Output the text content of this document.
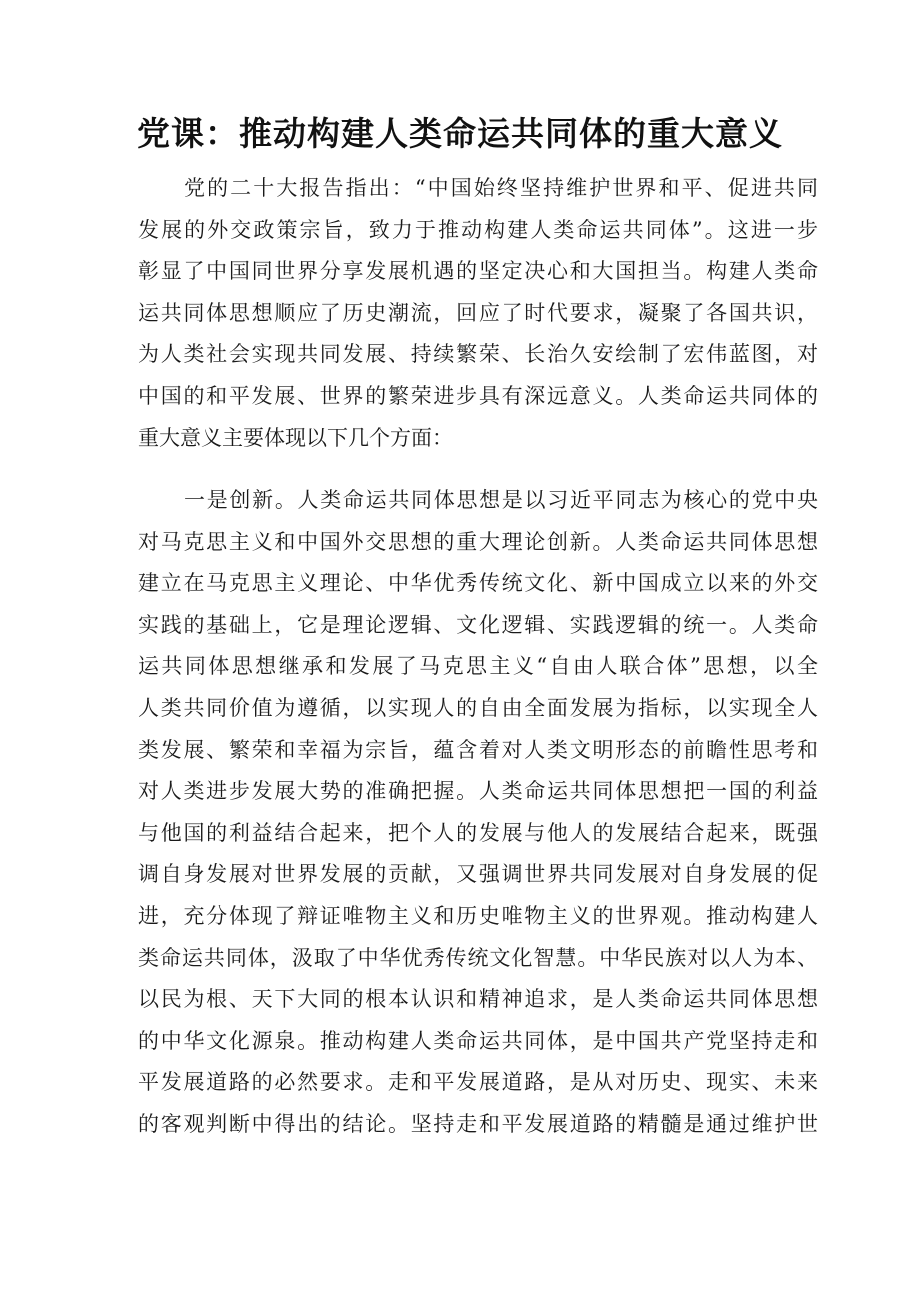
党课：推动构建人类命运共同体的重大意义
党的二十大报告指出：“中国始终坚持维护世界和平、促进共同
发展的外交政策宗旨，致力于推动构建人类命运共同体”。这进一步
彰显了中国同世界分享发展机遇的坚定决心和大国担当。构建人类命
运共同体思想顺应了历史潮流，回应了时代要求，凝聚了各国共识，
为人类社会实现共同发展、持续繁荣、长治久安绘制了宏伟蓝图，对
中国的和平发展、世界的繁荣进步具有深远意义。人类命运共同体的
重大意义主要体现以下几个方面：
一是创新。人类命运共同体思想是以习近平同志为核心的党中央
对马克思主义和中国外交思想的重大理论创新。人类命运共同体思想
建立在马克思主义理论、中华优秀传统文化、新中国成立以来的外交
实践的基础上，它是理论逻辑、文化逻辑、实践逻辑的统一。人类命
运共同体思想继承和发展了马克思主义“自由人联合体”思想，以全
人类共同价值为遵循，以实现人的自由全面发展为指标，以实现全人
类发展、繁荣和幸福为宗旨，蕴含着对人类文明形态的前瞻性思考和
对人类进步发展大势的准确把握。人类命运共同体思想把一国的利益
与他国的利益结合起来，把个人的发展与他人的发展结合起来，既强
调自身发展对世界发展的贡献，又强调世界共同发展对自身发展的促
进，充分体现了辩证唯物主义和历史唯物主义的世界观。推动构建人
类命运共同体，汲取了中华优秀传统文化智慧。中华民族对以人为本、
以民为根、天下大同的根本认识和精神追求，是人类命运共同体思想
的中华文化源泉。推动构建人类命运共同体，是中国共产党坚持走和
平发展道路的必然要求。走和平发展道路，是从对历史、现实、未来
的客观判断中得出的结论。坚持走和平发展道路的精髓是通过维护世
